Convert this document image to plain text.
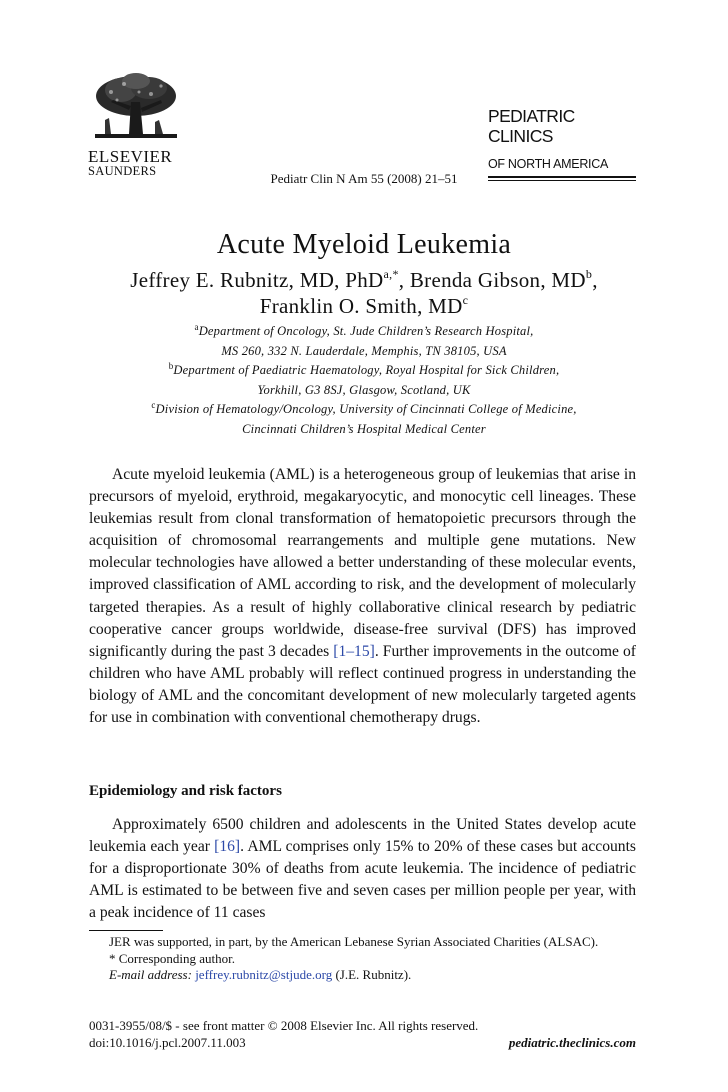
ELSEVIER
SAUNDERS
PEDIATRIC CLINICS
OF NORTH AMERICA
Pediatr Clin N Am 55 (2008) 21–51
Acute Myeloid Leukemia
Jeffrey E. Rubnitz, MD, PhD$^{a,*}$, Brenda Gibson, $MD^b$,
Franklin O. Smith, $MD^c$
$^a$Department of Oncology, St. Jude Children’s Research Hospital,
MS 260, 332 N. Lauderdale, Memphis, TN 38105, USA
$^b$Department of Paediatric Haematology, Royal Hospital for Sick Children,
Yorkhill, G3 8SJ, Glasgow, Scotland, UK
$^c$Division of Hematology/Oncology, University of Cincinnati College of Medicine,
Cincinnati Children’s Hospital Medical Center

Acute myeloid leukemia (AML) is a heterogeneous group of leukemias that arise in precursors of myeloid, erythroid, megakaryocytic, and monocytic cell lineages. These leukemias result from clonal transformation of hematopoietic precursors through the acquisition of chromosomal rearrangements and multiple gene mutations. New molecular technologies have allowed a better understanding of these molecular events, improved classification of AML according to risk, and the development of molecularly targeted therapies. As a result of highly collaborative clinical research by pediatric cooperative cancer groups worldwide, disease-free survival (DFS) has improved significantly during the past 3 decades [1–15]. Further improvements in the outcome of children who have AML probably will reflect continued progress in understanding the biology of AML and the concomitant development of new molecularly targeted agents for use in combination with conventional chemotherapy drugs.

Epidemiology and risk factors

Approximately 6500 children and adolescents in the United States develop acute leukemia each year [16]. AML comprises only 15% to 20% of these cases but accounts for a disproportionate 30% of deaths from acute leukemia. The incidence of pediatric AML is estimated to be between five and seven cases per million people per year, with a peak incidence of 11 cases

JER was supported, in part, by the American Lebanese Syrian Associated Charities (ALSAC).

* Corresponding author.

E-mail address: jeffrey.rubnitz@stjude.org (J.E. Rubnitz).

0031-3955/08/$ - see front matter © 2008 Elsevier Inc. All rights reserved.
doi:10.1016/j.pcl.2007.11.003	pediatric.theclinics.com
